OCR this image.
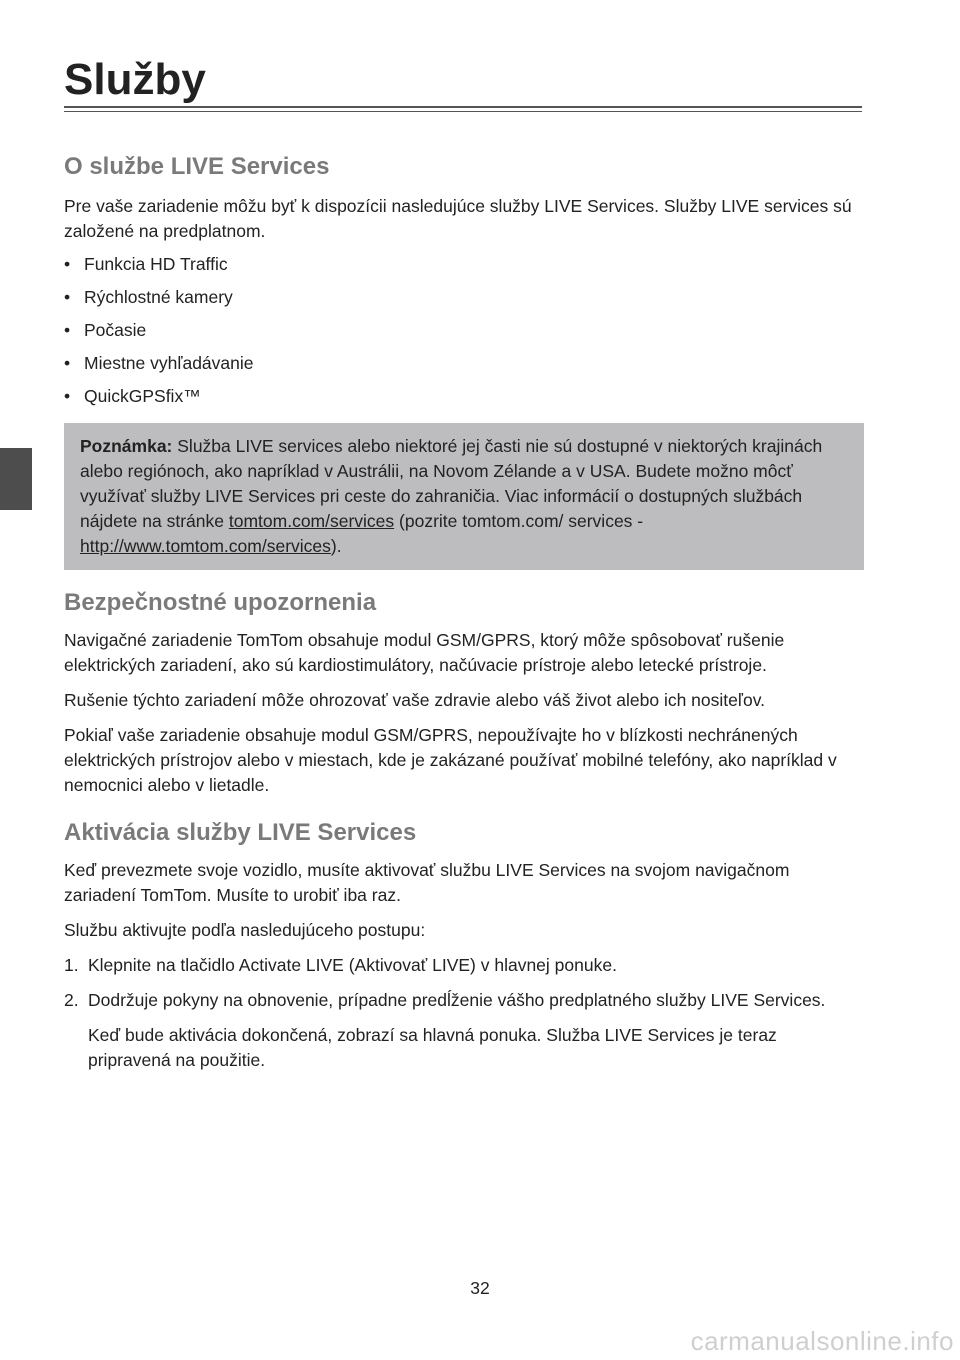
Služby
O službe LIVE Services

Pre vaše zariadenie môžu byť k dispozícii nasledujúce služby LIVE Services. Služby LIVE services sú založené na predplatnom.

• Funkcia HD Traffic
• Rýchlostné kamery
• Počasie
• Miestne vyhľadávanie
• QuickGPSfix™
Poznámka: Služba LIVE services alebo niektoré jej časti nie sú dostupné v niektorých krajinách alebo regiónoch, ako napríklad v Austrálii, na Novom Zélande a v USA. Budete možno môcť využívať služby LIVE Services pri ceste do zahraničia. Viac informácií o dostupných službách nájdete na stránke tomtom.com/services (pozrite tomtom.com/ services - http://www.tomtom.com/services).
Bezpečnostné upozornenia

Navigačné zariadenie TomTom obsahuje modul GSM/GPRS, ktorý môže spôsobovať rušenie elektrických zariadení, ako sú kardiostimulátory, načúvacie prístroje alebo letecké prístroje.

Rušenie týchto zariadení môže ohrozovať vaše zdravie alebo váš život alebo ich nositeľov.

Pokiaľ vaše zariadenie obsahuje modul GSM/GPRS, nepoužívajte ho v blízkosti nechránených elektrických prístrojov alebo v miestach, kde je zakázané používať mobilné telefóny, ako napríklad v nemocnici alebo v lietadle.

Aktivácia služby LIVE Services

Keď prevezmete svoje vozidlo, musíte aktivovať službu LIVE Services na svojom navigačnom zariadení TomTom. Musíte to urobiť iba raz.

Službu aktivujte podľa nasledujúceho postupu:

1. Klepnite na tlačidlo Activate LIVE (Aktivovať LIVE) v hlavnej ponuke.
2. Dodržuje pokyny na obnovenie, prípadne predĺženie vášho predplatného služby LIVE Services.

Keď bude aktivácia dokončená, zobrazí sa hlavná ponuka. Služba LIVE Services je teraz pripravená na použitie.

32
carmanualsonline.info
